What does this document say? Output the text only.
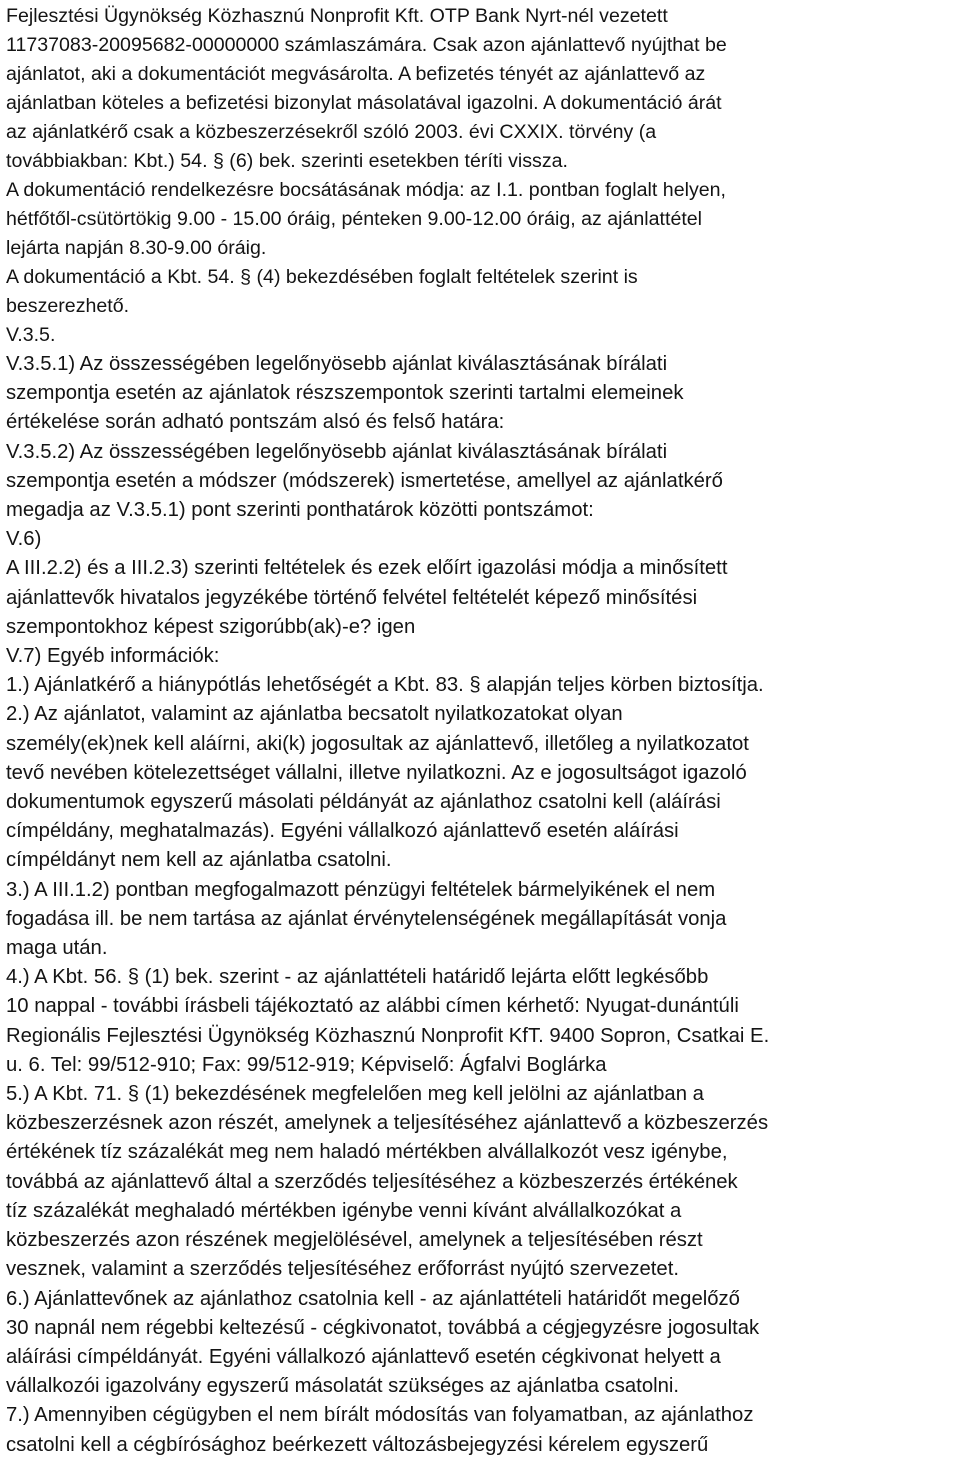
Fejlesztési Ügynökség Közhasznú Nonprofit Kft. OTP Bank Nyrt-nél vezetett
11737083-20095682-00000000 számlaszámára. Csak azon ajánlattevő nyújthat be
ajánlatot, aki a dokumentációt megvásárolta. A befizetés tényét az ajánlattevő az
ajánlatban köteles a befizetési bizonylat másolatával igazolni. A dokumentáció árát
az ajánlatkérő csak a közbeszerzésekről szóló 2003. évi CXXIX. törvény (a
továbbiakban: Kbt.) 54. § (6) bek. szerinti esetekben téríti vissza.
A dokumentáció rendelkezésre bocsátásának módja: az I.1. pontban foglalt helyen,
hétfőtől-csütörtökig 9.00 - 15.00 óráig, pénteken 9.00-12.00 óráig, az ajánlattétel
lejárta napján 8.30-9.00 óráig.
A dokumentáció a Kbt. 54. § (4) bekezdésében foglalt feltételek szerint is
beszerezhető.
V.3.5.
V.3.5.1) Az összességében legelőnyösebb ajánlat kiválasztásának bírálati
szempontja esetén az ajánlatok részszempontok szerinti tartalmi elemeinek
értékelése során adható pontszám alsó és felső határa:
V.3.5.2) Az összességében legelőnyösebb ajánlat kiválasztásának bírálati
szempontja esetén a módszer (módszerek) ismertetése, amellyel az ajánlatkérő
megadja az V.3.5.1) pont szerinti ponthatárok közötti pontszámot:
V.6)
A III.2.2) és a III.2.3) szerinti feltételek és ezek előírt igazolási módja a minősített
ajánlattevők hivatalos jegyzékébe történő felvétel feltételét képező minősítési
szempontokhoz képest szigorúbb(ak)-e? igen
V.7) Egyéb információk:
1.) Ajánlatkérő a hiánypótlás lehetőségét a Kbt. 83. § alapján teljes körben biztosítja.
2.) Az ajánlatot, valamint az ajánlatba becsatolt nyilatkozatokat olyan
személy(ek)nek kell aláírni, aki(k) jogosultak az ajánlattevő, illetőleg a nyilatkozatot
tevő nevében kötelezettséget vállalni, illetve nyilatkozni. Az e jogosultságot igazoló
dokumentumok egyszerű másolati példányát az ajánlathoz csatolni kell (aláírási
címpéldány, meghatalmazás). Egyéni vállalkozó ajánlattevő esetén aláírási
címpéldányt nem kell az ajánlatba csatolni.
3.) A III.1.2) pontban megfogalmazott pénzügyi feltételek bármelyikének el nem
fogadása ill. be nem tartása az ajánlat érvénytelenségének megállapítását vonja
maga után.
4.) A Kbt. 56. § (1) bek. szerint - az ajánlattételi határidő lejárta előtt legkésőbb
10 nappal - további írásbeli tájékoztató az alábbi címen kérhető: Nyugat-dunántúli
Regionális Fejlesztési Ügynökség Közhasznú Nonprofit KfT. 9400 Sopron, Csatkai E.
u. 6. Tel: 99/512-910; Fax: 99/512-919; Képviselő: Ágfalvi Boglárka
5.) A Kbt. 71. § (1) bekezdésének megfelelően meg kell jelölni az ajánlatban a
közbeszerzésnek azon részét, amelynek a teljesítéséhez ajánlattevő a közbeszerzés
értékének tíz százalékát meg nem haladó mértékben alvállalkozót vesz igénybe,
továbbá az ajánlattevő által a szerződés teljesítéséhez a közbeszerzés értékének
tíz százalékát meghaladó mértékben igénybe venni kívánt alvállalkozókat a
közbeszerzés azon részének megjelölésével, amelynek a teljesítésében részt
vesznek, valamint a szerződés teljesítéséhez erőforrást nyújtó szervezetet.
6.) Ajánlattevőnek az ajánlathoz csatolnia kell - az ajánlattételi határidőt megelőző
30 napnál nem régebbi keltezésű - cégkivonatot, továbbá a cégjegyzésre jogosultak
aláírási címpéldányát. Egyéni vállalkozó ajánlattevő esetén cégkivonat helyett a
vállalkozói igazolvány egyszerű másolatát szükséges az ajánlatba csatolni.
7.) Amennyiben cégügyben el nem bírált módosítás van folyamatban, az ajánlathoz
csatolni kell a cégbírósághoz beérkezett változásbejegyzési kérelem egyszerű
